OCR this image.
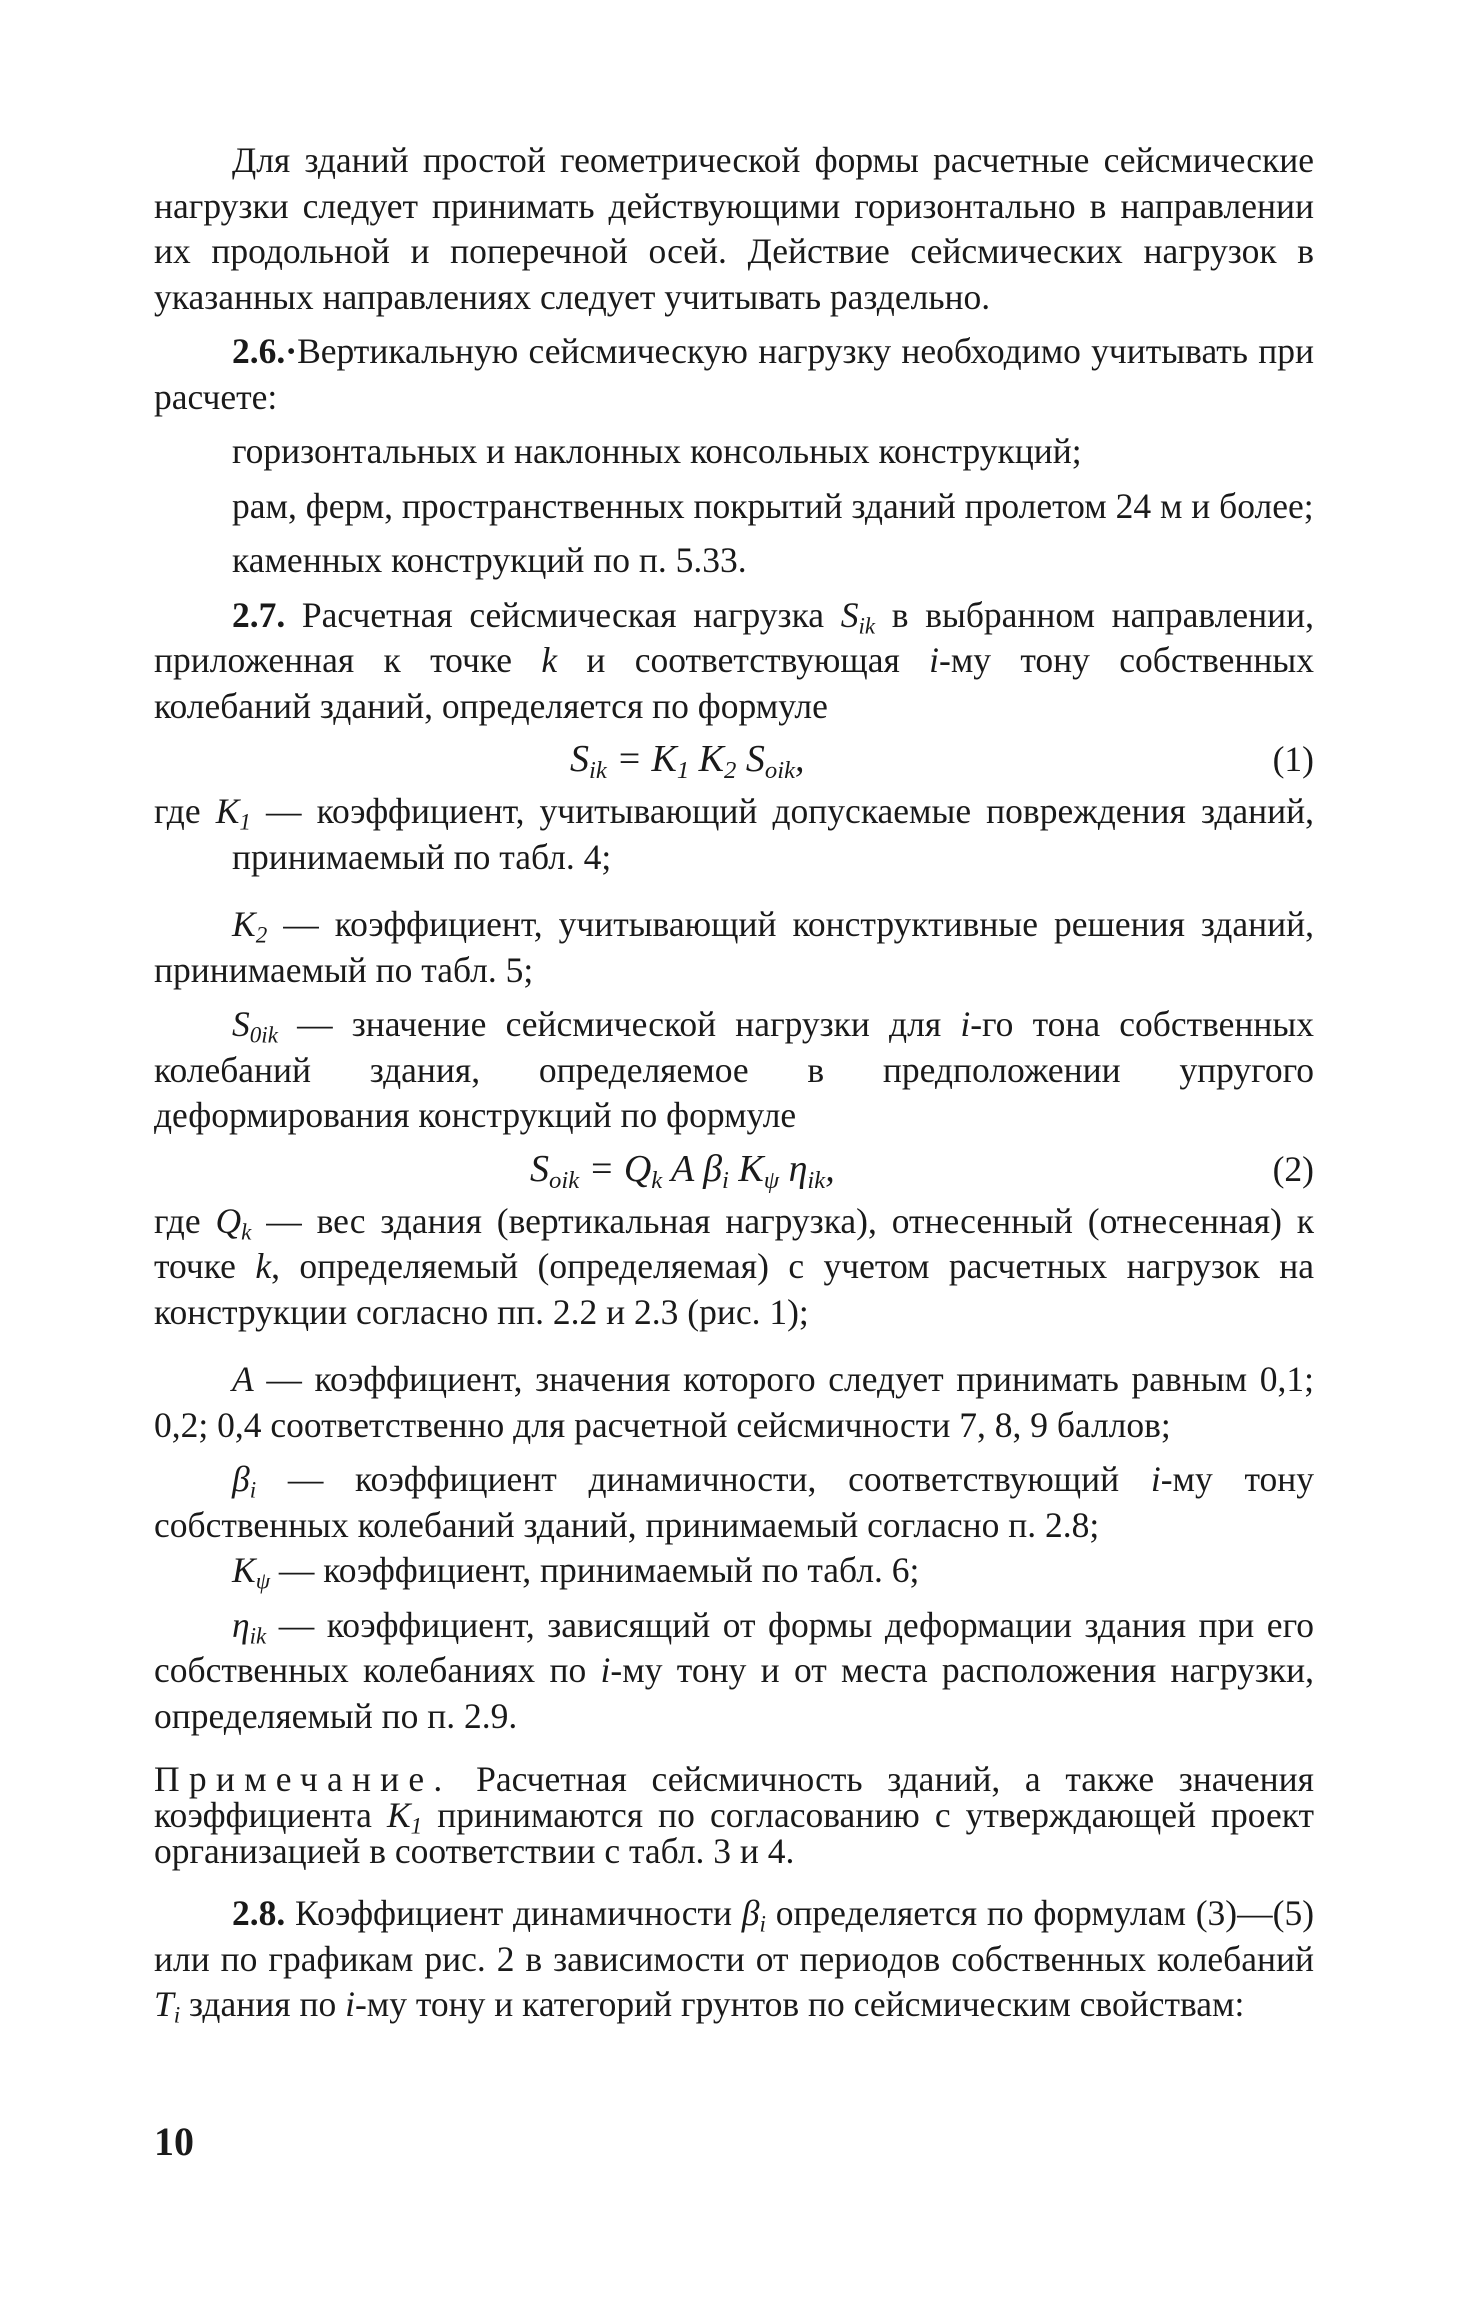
Для зданий простой геометрической формы расчетные сейсмические нагрузки следует принимать действующими горизонтально в направлении их продольной и поперечной осей. Действие сейсмических нагрузок в указанных направлениях следует учитывать раздельно.

2.6.·Вертикальную сейсмическую нагрузку необходимо учитывать при расчете:

горизонтальных и наклонных консольных конструкций;

рам, ферм, пространственных покрытий зданий пролетом 24 м и более;

каменных конструкций по п. 5.33.

2.7. Расчетная сейсмическая нагрузка $S_{ik}$ в выбранном направлении, приложенная к точке k и соответствующая i-му тону собственных колебаний зданий, определяется по формуле

$S_{ik} = K_1$ $K_2$ $S_{oik}$,	(1)

где $K_1$ — коэффициент, учитывающий допускаемые повреждения зданий, принимаемый по табл. 4;

$K_2$ — коэффициент, учитывающий конструктивные решения зданий, принимаемый по табл. 5;

$S_{0ik}$ — значение сейсмической нагрузки для i-го тона собственных колебаний здания, определяемое в предположении упругого деформирования конструкций по формуле

$S_{oik} = Q_k$ A $\beta_i$ $K_\psi$ $\eta_{ik}$,	(2)

где $Q_k$ — вес здания (вертикальная нагрузка), отнесенный (отнесенная) к точке k, определяемый (определяемая) с учетом расчетных нагрузок на конструкции согласно пп. 2.2 и 2.3 (рис. 1);

A — коэффициент, значения которого следует принимать равным 0,1; 0,2; 0,4 соответственно для расчетной сейсмичности 7, 8, 9 баллов;

$\beta_i$ — коэффициент динамичности, соответствующий i-му тону собственных колебаний зданий, принимаемый согласно п. 2.8;

$K_\psi$ — коэффициент, принимаемый по табл. 6;

$\eta_{ik}$ — коэффициент, зависящий от формы деформации здания при его собственных колебаниях по i-му тону и от места расположения нагрузки, определяемый по п. 2.9.

Примечание. Расчетная сейсмичность зданий, а также значения коэффициента $K_1$ принимаются по согласованию с утверждающей проект организацией в соответствии с табл. 3 и 4.

2.8. Коэффициент динамичности $\beta_i$ определяется по формулам (3)—(5) или по графикам рис. 2 в зависимости от периодов собственных колебаний $T_i$ здания по i-му тону и категорий грунтов по сейсмическим свойствам:

10
